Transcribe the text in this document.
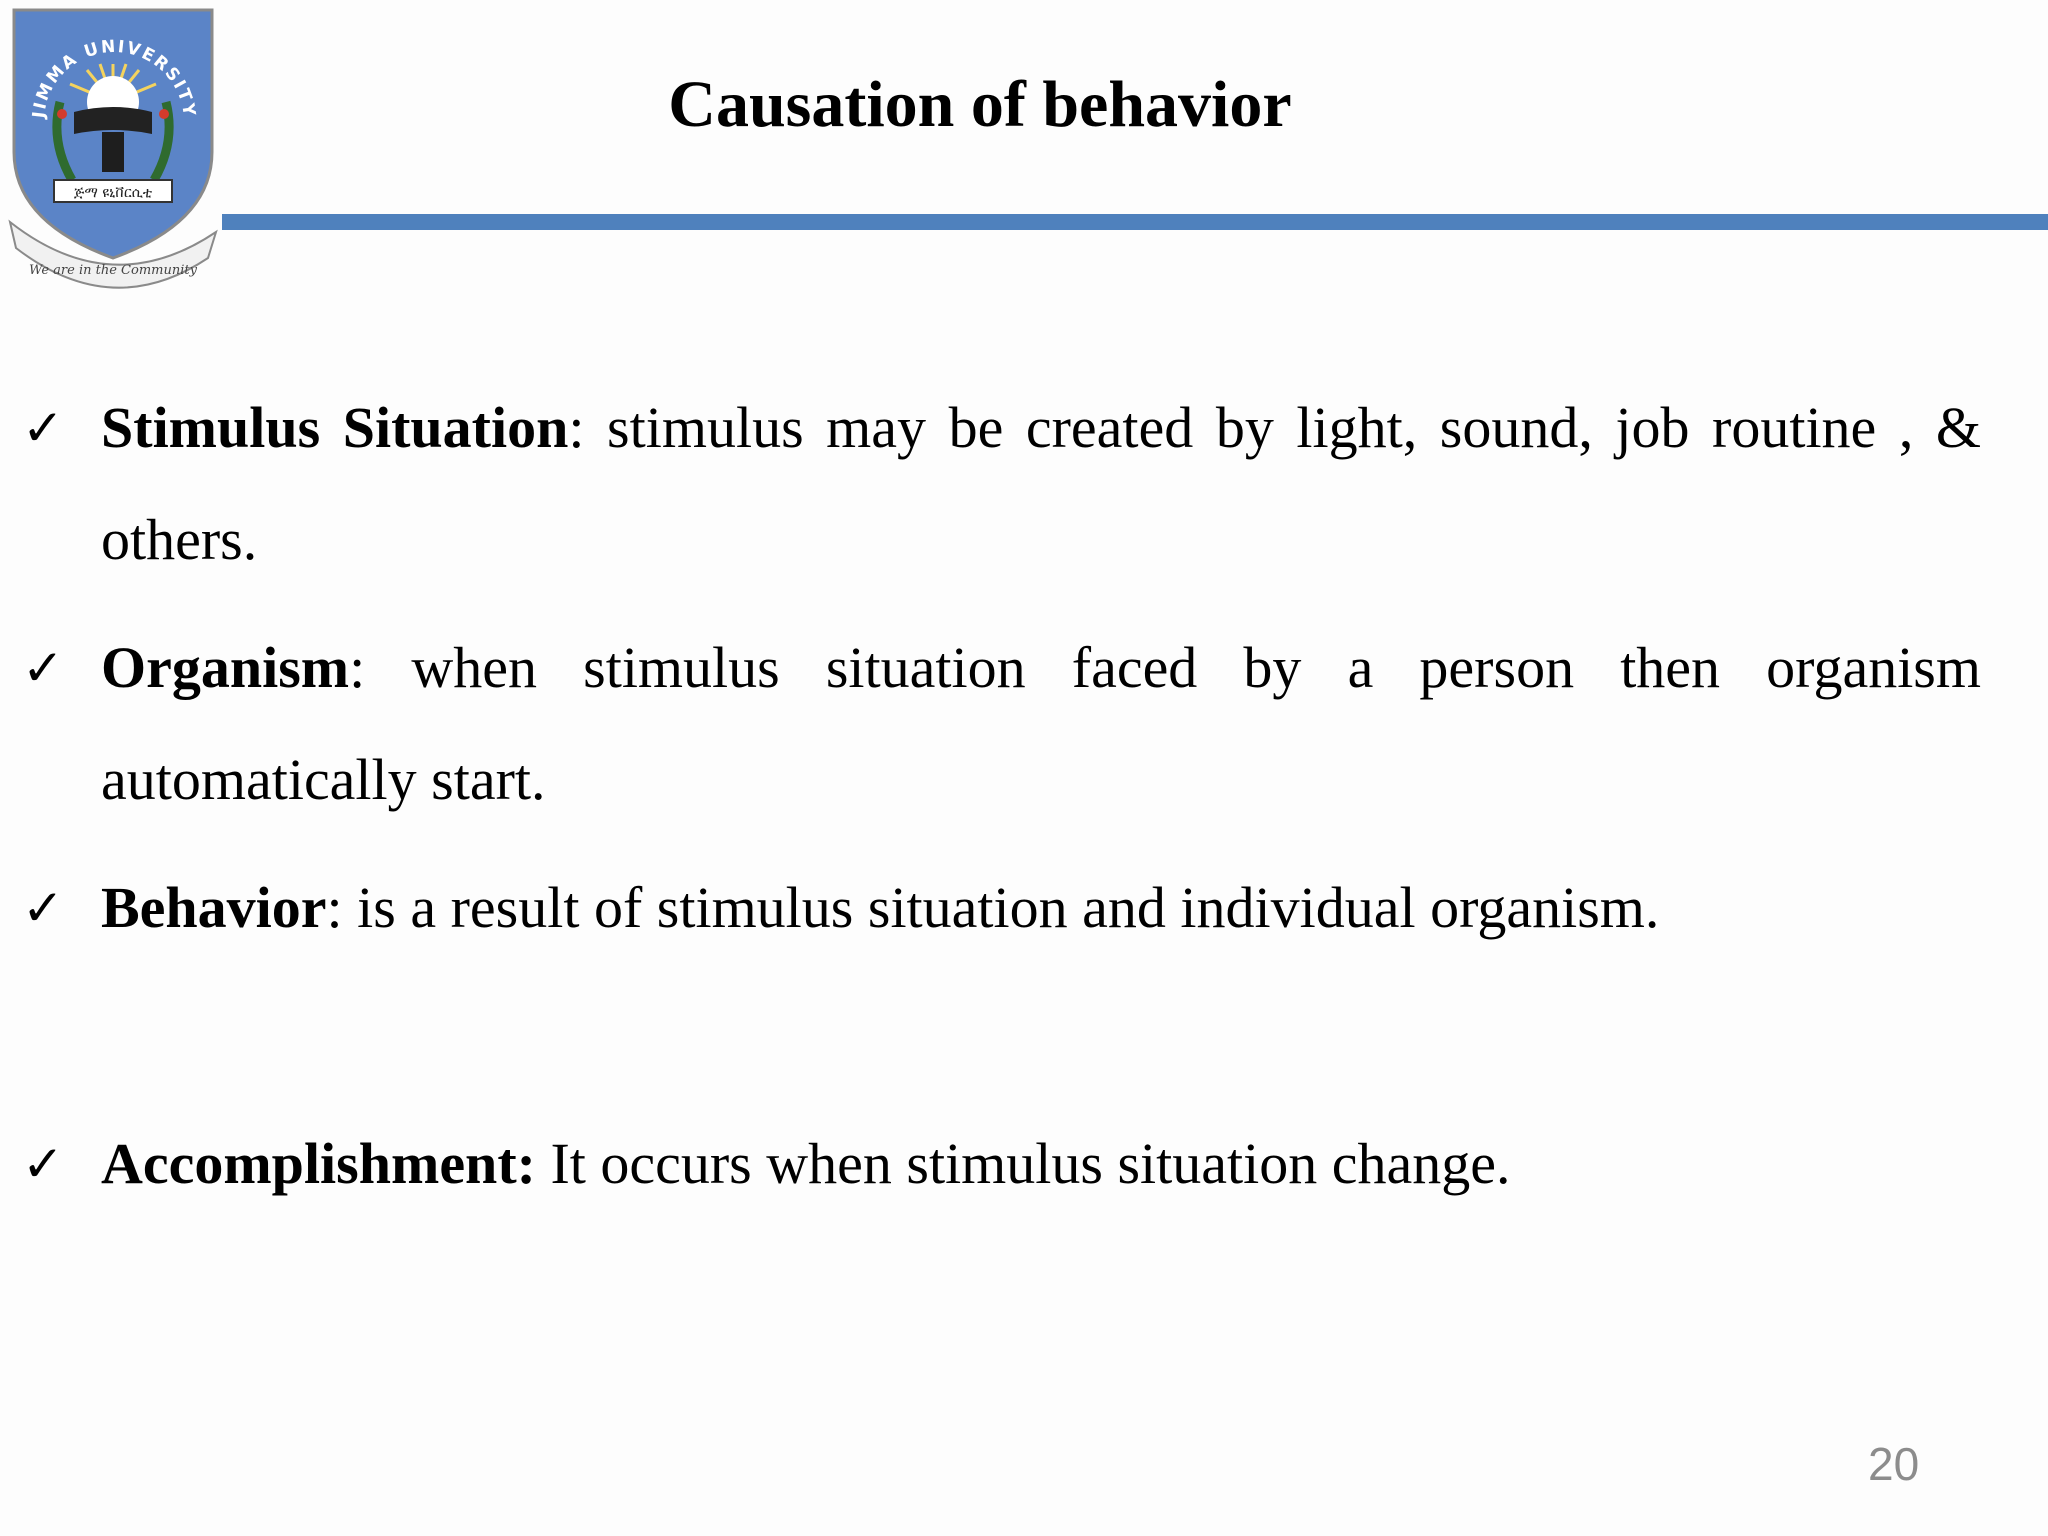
JIMMA UNIVERSITY
ጅማ ዩኒቨርሲቲ
We are in the Community
Causation of behavior
✓ Stimulus Situation: stimulus may be created by light, sound, job routine , & others.
✓ Organism: when stimulus situation faced by a person then organism automatically start.
✓ Behavior: is a result of stimulus situation and individual organism.
✓ Accomplishment: It occurs when stimulus situation change.
20
